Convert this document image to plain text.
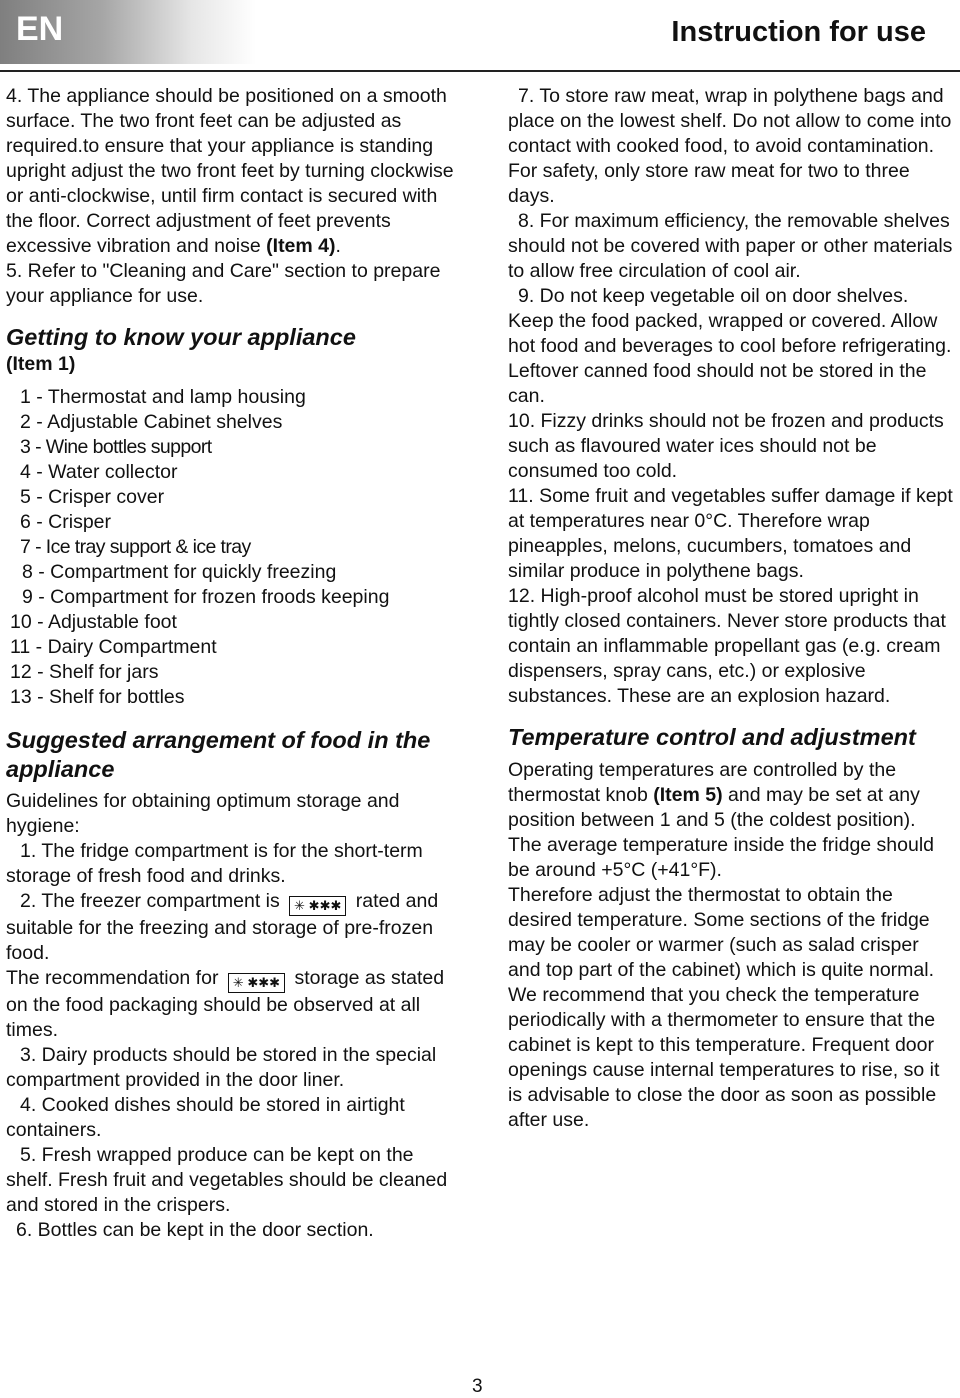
EN	Instruction for use

4. The appliance should be positioned on a smooth surface. The two front feet can be adjusted as required.to ensure that your appliance is standing upright adjust the two front feet by turning clockwise or anti-clockwise, until firm contact is secured with the floor. Correct adjustment of feet prevents excessive vibration and noise (Item 4).

5. Refer to "Cleaning and Care" section to prepare your appliance for use.

Getting to know your appliance

(Item 1)

1 - Thermostat and lamp housing
2 - Adjustable Cabinet shelves
3 - Wine bottles support
4 - Water collector
5 - Crisper cover
6 - Crisper
7 - Ice tray support & ice tray
8 - Compartment for quickly freezing
9 - Compartment for frozen froods keeping
10 - Adjustable foot
11 - Dairy Compartment
12 - Shelf for jars
13 - Shelf for bottles

Suggested arrangement of food in the appliance

Guidelines for obtaining optimum storage and hygiene:

1. The fridge compartment is for the short-term storage of fresh food and drinks.

2. The freezer compartment is ✳ ✱✱✱ rated and suitable for the freezing and storage of pre-frozen food.

The recommendation for ✳ ✱✱✱ storage as stated on the food packaging should be observed at all times.

3. Dairy products should be stored in the special compartment provided in the door liner.

4. Cooked dishes should be stored in airtight containers.

5. Fresh wrapped produce can be kept on the shelf. Fresh fruit and vegetables should be cleaned and stored in the crispers.

6. Bottles can be kept in the door section.

7. To store raw meat, wrap in polythene bags and place on the lowest shelf. Do not allow to come into contact with cooked food, to avoid contamination. For safety, only store raw meat for two to three days.

8. For maximum efficiency, the removable shelves should not be covered with paper or other materials to allow free circulation of cool air.

9. Do not keep vegetable oil on door shelves. Keep the food packed, wrapped or covered. Allow hot food and beverages to cool before refrigerating. Leftover canned food should not be stored in the can.

10. Fizzy drinks should not be frozen and products such as flavoured water ices should not be consumed too cold.

11. Some fruit and vegetables suffer damage if kept at temperatures near 0°C. Therefore wrap pineapples, melons, cucumbers, tomatoes and similar produce in polythene bags.

12. High-proof alcohol must be stored upright in tightly closed containers. Never store products that contain an inflammable propellant gas (e.g. cream dispensers, spray cans, etc.) or explosive substances. These are an explosion hazard.

Temperature control and adjustment

Operating temperatures are controlled by the thermostat knob (Item 5) and may be set at any position between 1 and 5 (the coldest position).

The average temperature inside the fridge should be around +5°C (+41°F).

Therefore adjust the thermostat to obtain the desired temperature. Some sections of the fridge may be cooler or warmer (such as salad crisper and top part of the cabinet) which is quite normal. We recommend that you check the temperature periodically with a thermometer to ensure that the cabinet is kept to this temperature. Frequent door openings cause internal temperatures to rise, so it is advisable to close the door as soon as possible after use.

3
